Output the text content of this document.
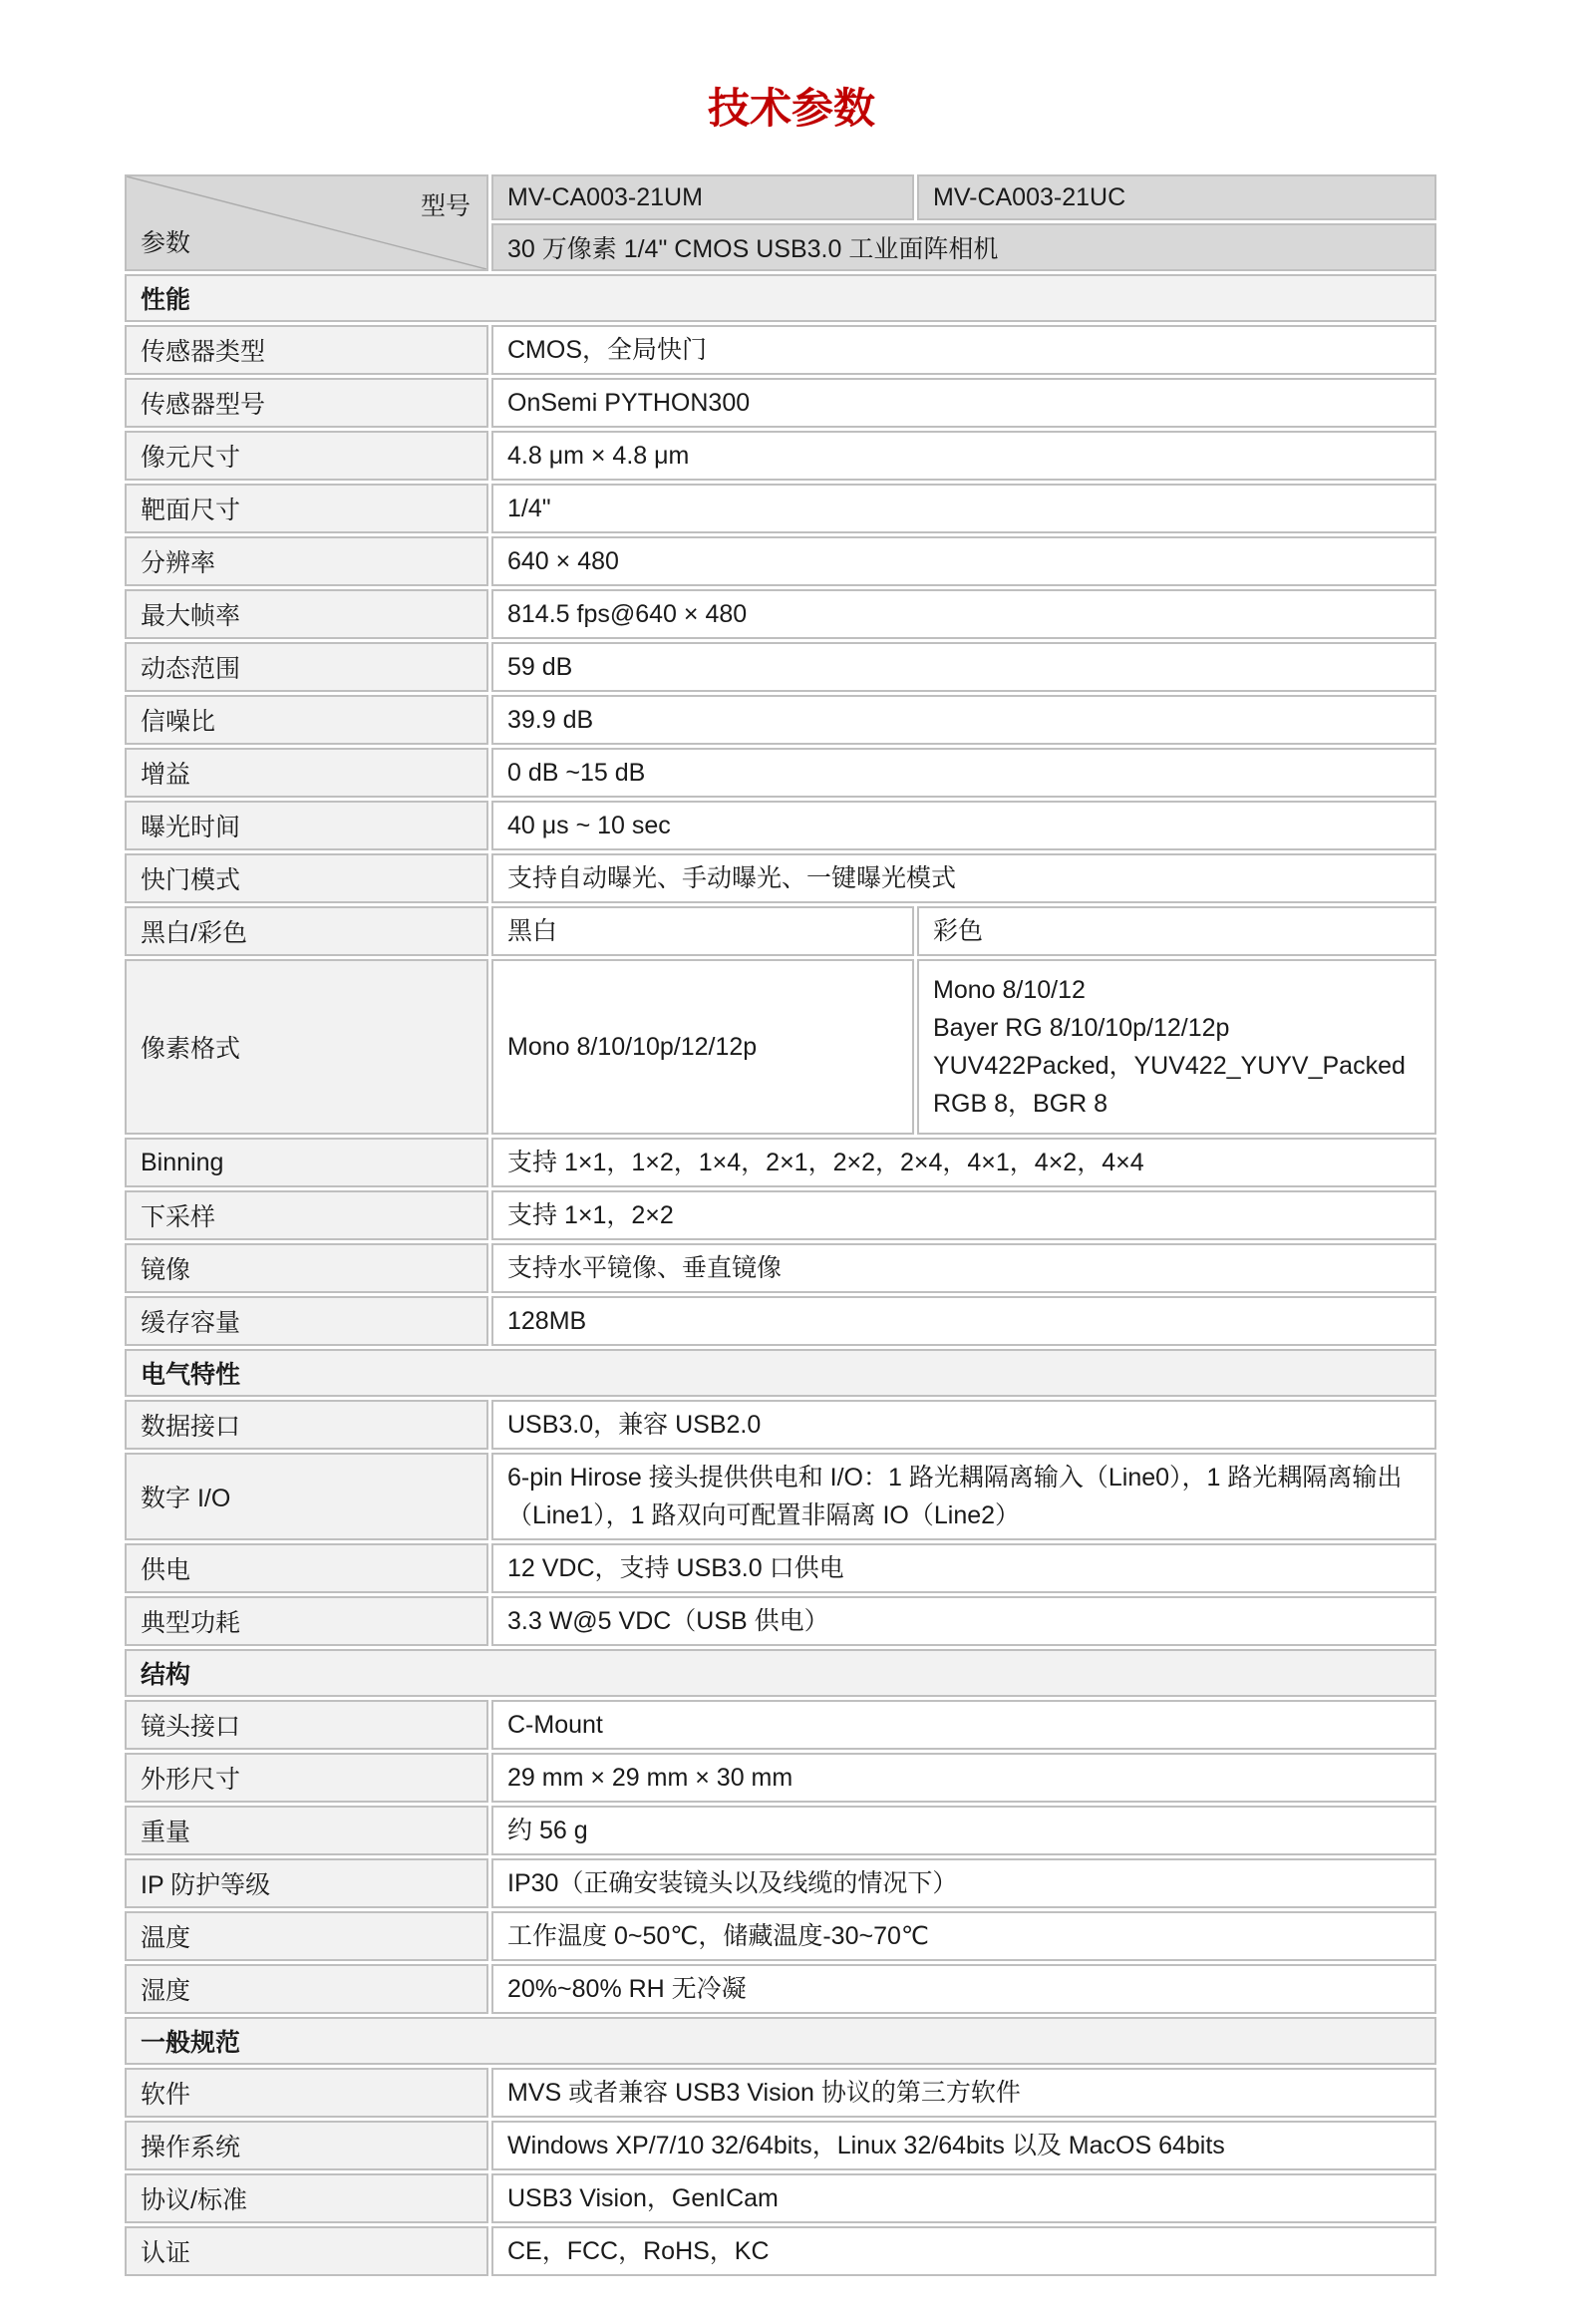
技术参数
型号
参数	MV-CA003-21UM	MV-CA003-21UC
	30 万像素 1/4" CMOS USB3.0 工业面阵相机	
性能		
传感器类型	CMOS，全局快门	
传感器型号	OnSemi PYTHON300	
像元尺寸	4.8 μm × 4.8 μm	
靶面尺寸	1/4"	
分辨率	640 × 480	
最大帧率	814.5 fps@640 × 480	
动态范围	59 dB	
信噪比	39.9 dB	
增益	0 dB ~15 dB	
曝光时间	40 μs ~ 10 sec	
快门模式	支持自动曝光、手动曝光、一键曝光模式	
黑白/彩色	黑白	彩色
像素格式	Mono 8/10/10p/12/12p	Mono 8/10/12
Bayer RG 8/10/10p/12/12p
YUV422Packed，YUV422_YUYV_Packed
RGB 8，BGR 8

Binning	支持 1×1，1×2，1×4，2×1，2×2，2×4，4×1，4×2，4×4	
下采样	支持 1×1，2×2	
镜像	支持水平镜像、垂直镜像	
缓存容量	128MB	
电气特性		
数据接口	USB3.0，兼容 USB2.0	
数字 I/O	6-pin Hirose 接头提供供电和 I/O：1 路光耦隔离输入（Line0），1 路光耦隔离输出（Line1），1 路双向可配置非隔离 IO（Line2）	
供电	12 VDC，支持 USB3.0 口供电	
典型功耗	3.3 W@5 VDC（USB 供电）	
结构		
镜头接口	C-Mount	
外形尺寸	29 mm × 29 mm × 30 mm	
重量	约 56 g	
IP 防护等级	IP30（正确安装镜头以及线缆的情况下）	
温度	工作温度 0~50℃，储藏温度-30~70℃	
湿度	20%~80% RH 无冷凝	
一般规范		
软件	MVS 或者兼容 USB3 Vision 协议的第三方软件	
操作系统	Windows XP/7/10 32/64bits，Linux 32/64bits 以及 MacOS 64bits	
协议/标准	USB3 Vision，GenICam	
认证	CE，FCC，RoHS，KC	
